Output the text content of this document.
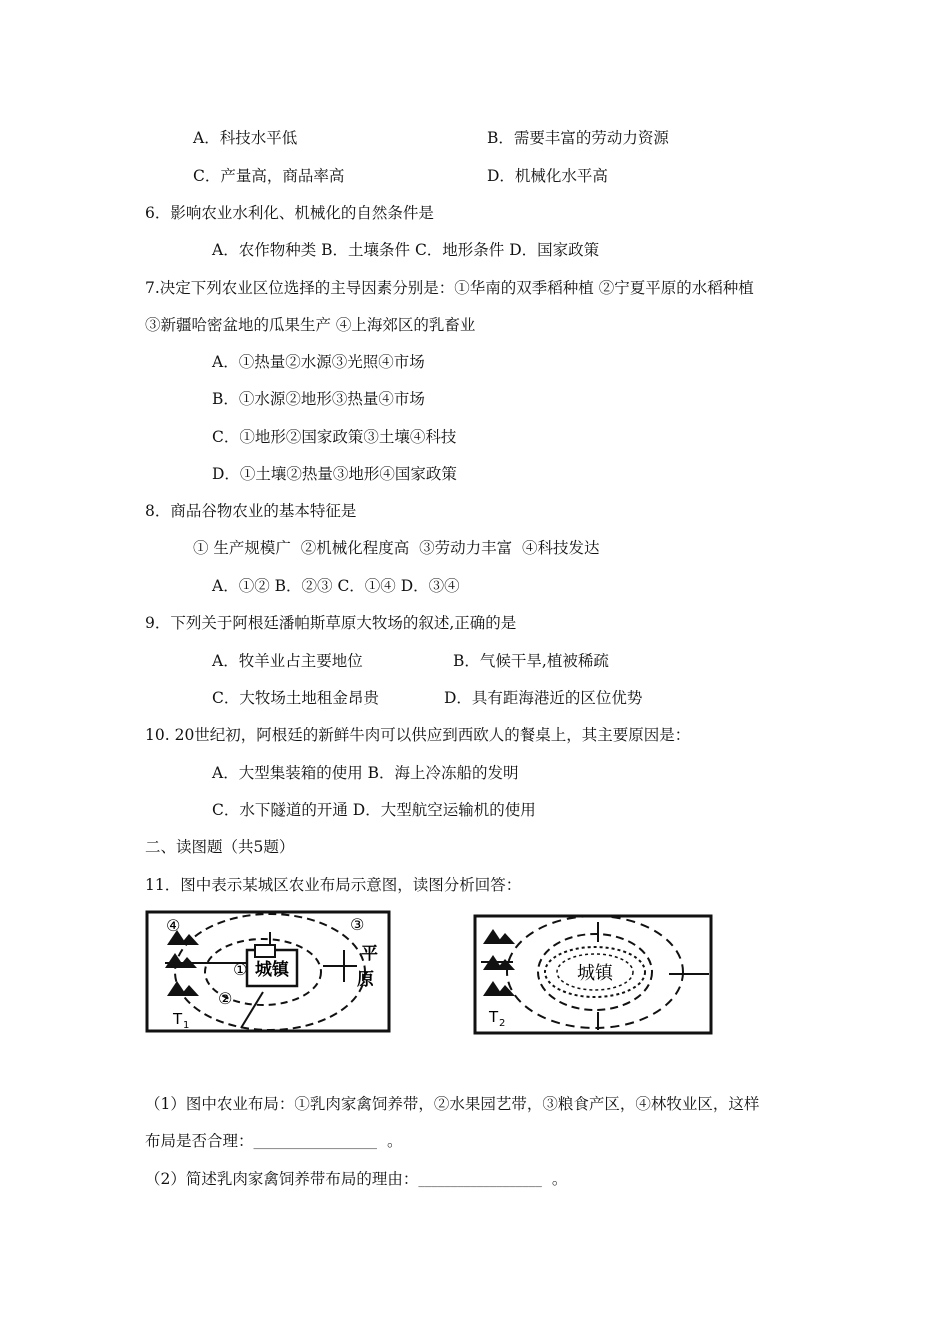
A．科技水平低	B．需要丰富的劳动力资源
C．产量高，商品率高	D．机械化水平高
6．影响农业水利化、机械化的自然条件是
A．农作物种类 B．土壤条件 C．地形条件 D．国家政策
7.决定下列农业区位选择的主导因素分别是：①华南的双季稻种植 ②宁夏平原的水稻种植
③新疆哈密盆地的瓜果生产 ④上海郊区的乳畜业
A．①热量②水源③光照④市场
B．①水源②地形③热量④市场
C．①地形②国家政策③土壤④科技
D．①土壤②热量③地形④国家政策
8．商品谷物农业的基本特征是
① 生产规模广  ②机械化程度高  ③劳动力丰富  ④科技发达
A．①② B．②③ C．①④ D．③④
9．下列关于阿根廷潘帕斯草原大牧场的叙述,正确的是
A．牧羊业占主要地位	B．气候干旱,植被稀疏
C．大牧场土地租金昂贵	D．具有距海港近的区位优势
10. 20世纪初，阿根廷的新鲜牛肉可以供应到西欧人的餐桌上，其主要原因是：
A．大型集装箱的使用 B．海上冷冻船的发明
C．水下隧道的开通 D．大型航空运输机的使用
二、读图题（共5题）
11．图中表示某城区农业布局示意图，读图分析回答：
城镇
④	③
①
②
平
原
T 1
城镇
T 2
（1）图中农业布局：①乳肉家禽饲养带，②水果园艺带，③粮食产区，④林牧业区，这样
布局是否合理：___________________ 。
（2）简述乳肉家禽饲养带布局的理由：___________________ 。
